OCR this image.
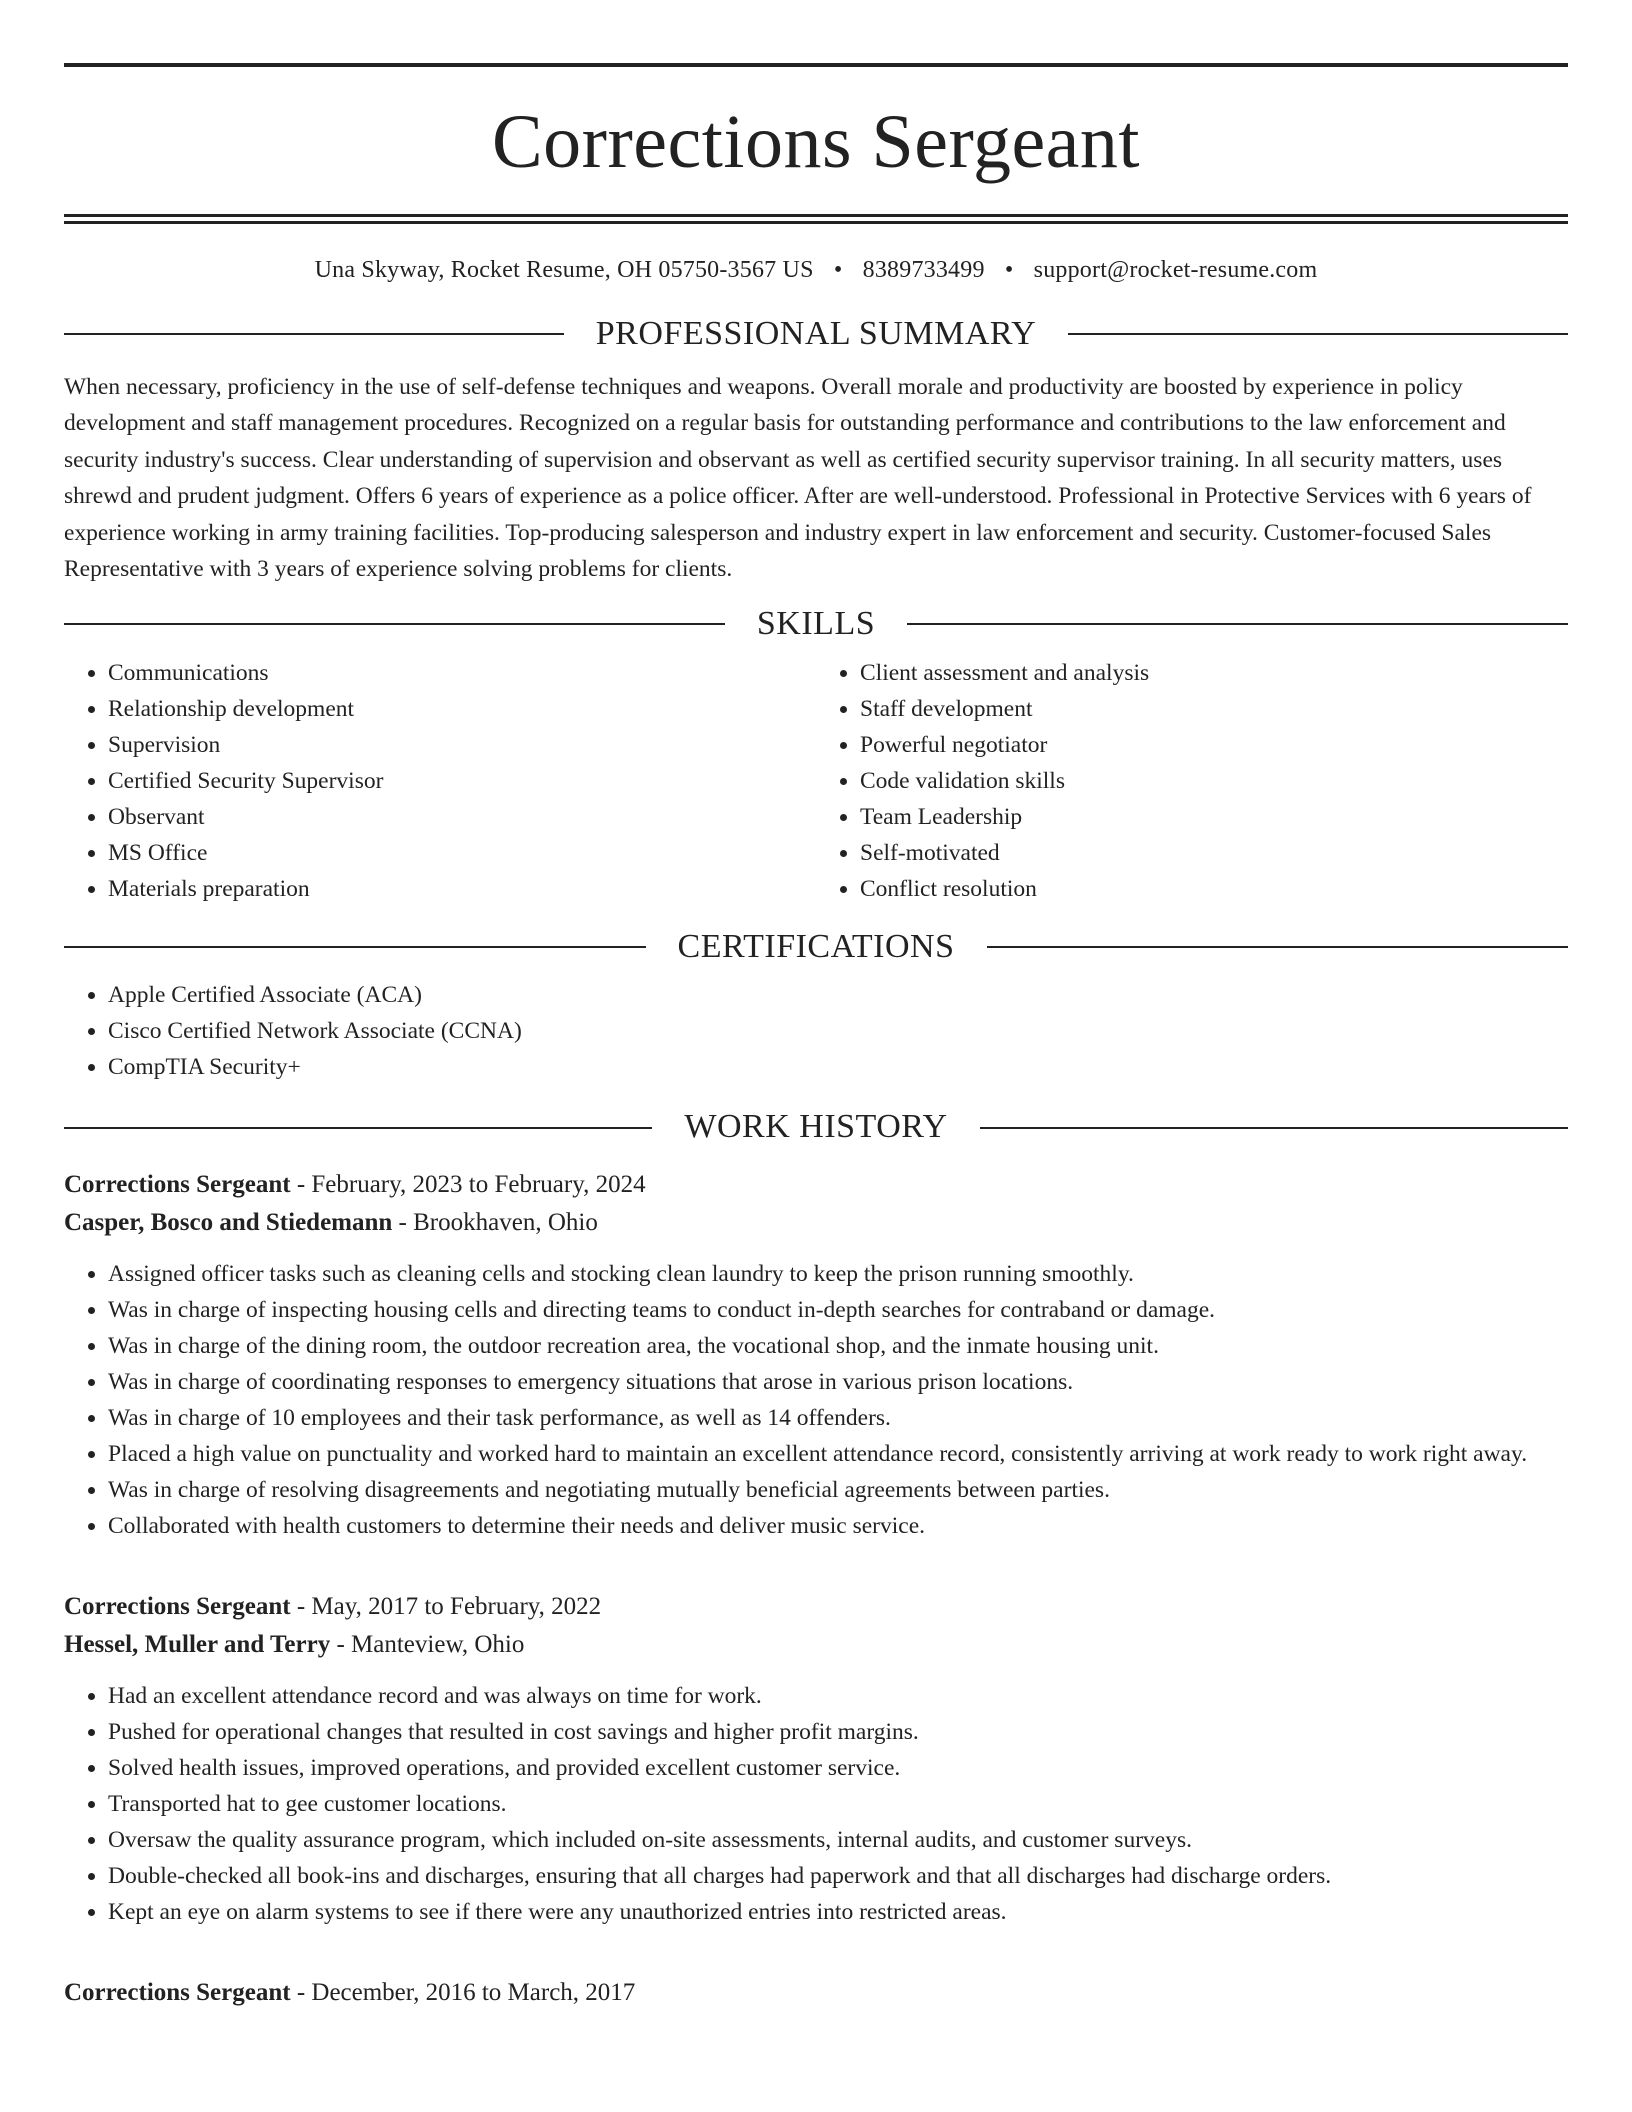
Corrections Sergeant
Una Skyway, Rocket Resume, OH 05750-3567 US • 8389733499 • support@rocket-resume.com
PROFESSIONAL SUMMARY

When necessary, proficiency in the use of self-defense techniques and weapons. Overall morale and productivity are boosted by experience in policy development and staff management procedures. Recognized on a regular basis for outstanding performance and contributions to the law enforcement and security industry's success. Clear understanding of supervision and observant as well as certified security supervisor training. In all security matters, uses shrewd and prudent judgment. Offers 6 years of experience as a police officer. After are well-understood. Professional in Protective Services with 6 years of experience working in army training facilities. Top-producing salesperson and industry expert in law enforcement and security. Customer-focused Sales Representative with 3 years of experience solving problems for clients.

SKILLS
• Communications
• Relationship development
• Supervision
• Certified Security Supervisor
• Observant
• MS Office
• Materials preparation
• Client assessment and analysis
• Staff development
• Powerful negotiator
• Code validation skills
• Team Leadership
• Self-motivated
• Conflict resolution
CERTIFICATIONS
• Apple Certified Associate (ACA)
• Cisco Certified Network Associate (CCNA)
• CompTIA Security+
WORK HISTORY
Corrections Sergeant - February, 2023 to February, 2024
Casper, Bosco and Stiedemann - Brookhaven, Ohio
• Assigned officer tasks such as cleaning cells and stocking clean laundry to keep the prison running smoothly.
• Was in charge of inspecting housing cells and directing teams to conduct in-depth searches for contraband or damage.
• Was in charge of the dining room, the outdoor recreation area, the vocational shop, and the inmate housing unit.
• Was in charge of coordinating responses to emergency situations that arose in various prison locations.
• Was in charge of 10 employees and their task performance, as well as 14 offenders.
• Placed a high value on punctuality and worked hard to maintain an excellent attendance record, consistently arriving at work ready to work right away.
• Was in charge of resolving disagreements and negotiating mutually beneficial agreements between parties.
• Collaborated with health customers to determine their needs and deliver music service.
Corrections Sergeant - May, 2017 to February, 2022
Hessel, Muller and Terry - Manteview, Ohio
• Had an excellent attendance record and was always on time for work.
• Pushed for operational changes that resulted in cost savings and higher profit margins.
• Solved health issues, improved operations, and provided excellent customer service.
• Transported hat to gee customer locations.
• Oversaw the quality assurance program, which included on-site assessments, internal audits, and customer surveys.
• Double-checked all book-ins and discharges, ensuring that all charges had paperwork and that all discharges had discharge orders.
• Kept an eye on alarm systems to see if there were any unauthorized entries into restricted areas.
Corrections Sergeant - December, 2016 to March, 2017
